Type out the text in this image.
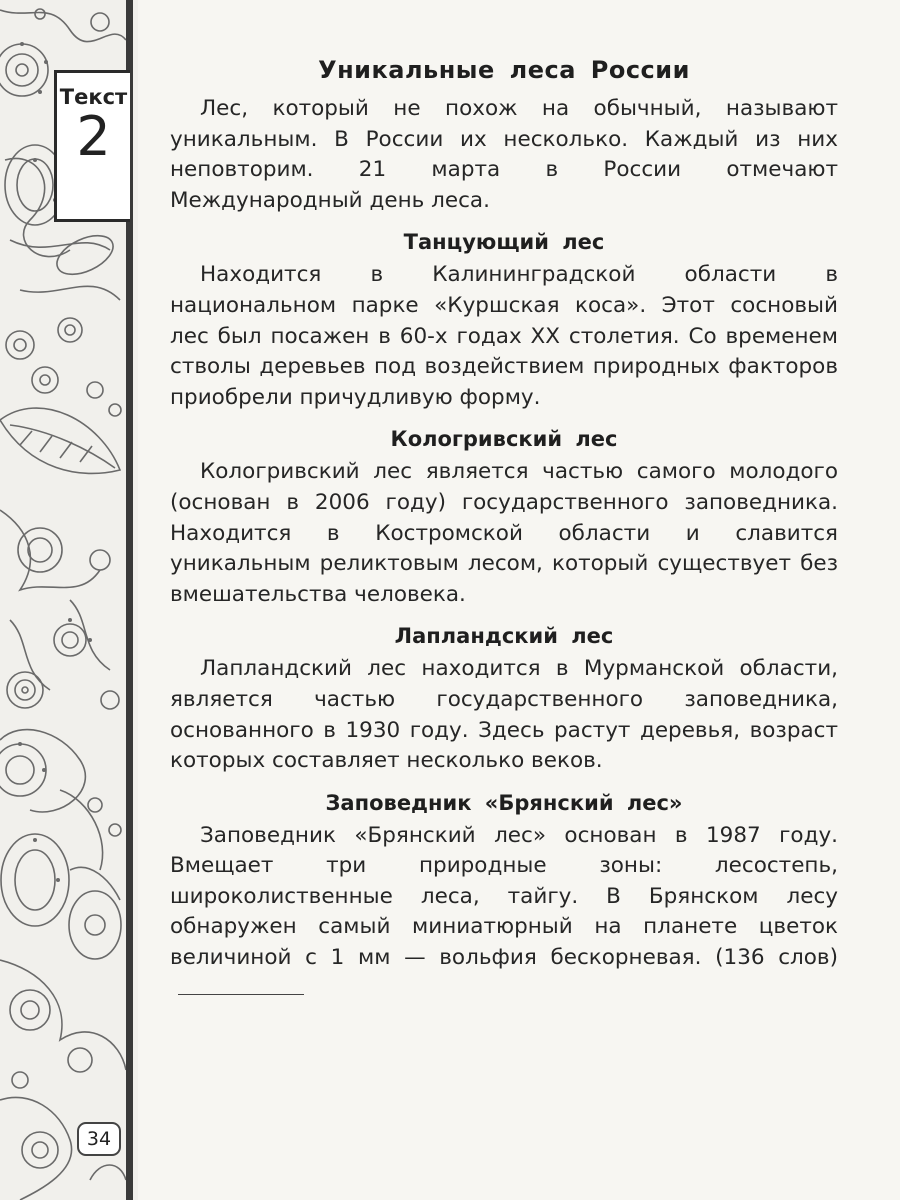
Текст
2
34
Уникальные леса России

Лес, который не похож на обычный, называют уникальным. В России их несколько. Каждый из них неповторим. 21 марта в России отмечают Международный день леса.

Танцующий лес

Находится в Калининградской области в национальном парке «Куршская коса». Этот сосновый лес был посажен в 60-х годах XX столетия. Со временем стволы деревьев под воздействием природных факторов приобрели причудливую форму.

Кологривский лес

Кологривский лес является частью самого молодого (основан в 2006 году) государственного заповедника. Находится в Костромской области и славится уникальным реликтовым лесом, который существует без вмешательства человека.

Лапландский лес

Лапландский лес находится в Мурманской области, является частью государственного заповедника, основанного в 1930 году. Здесь растут деревья, возраст которых составляет несколько веков.

Заповедник «Брянский лес»

Заповедник «Брянский лес» основан в 1987 году. Вмещает три природные зоны: лесостепь, широколиственные леса, тайгу. В Брянском лесу обнаружен самый миниатюрный на планете цветок величиной с 1 мм — вольфия бескорневая. (136 слов)
